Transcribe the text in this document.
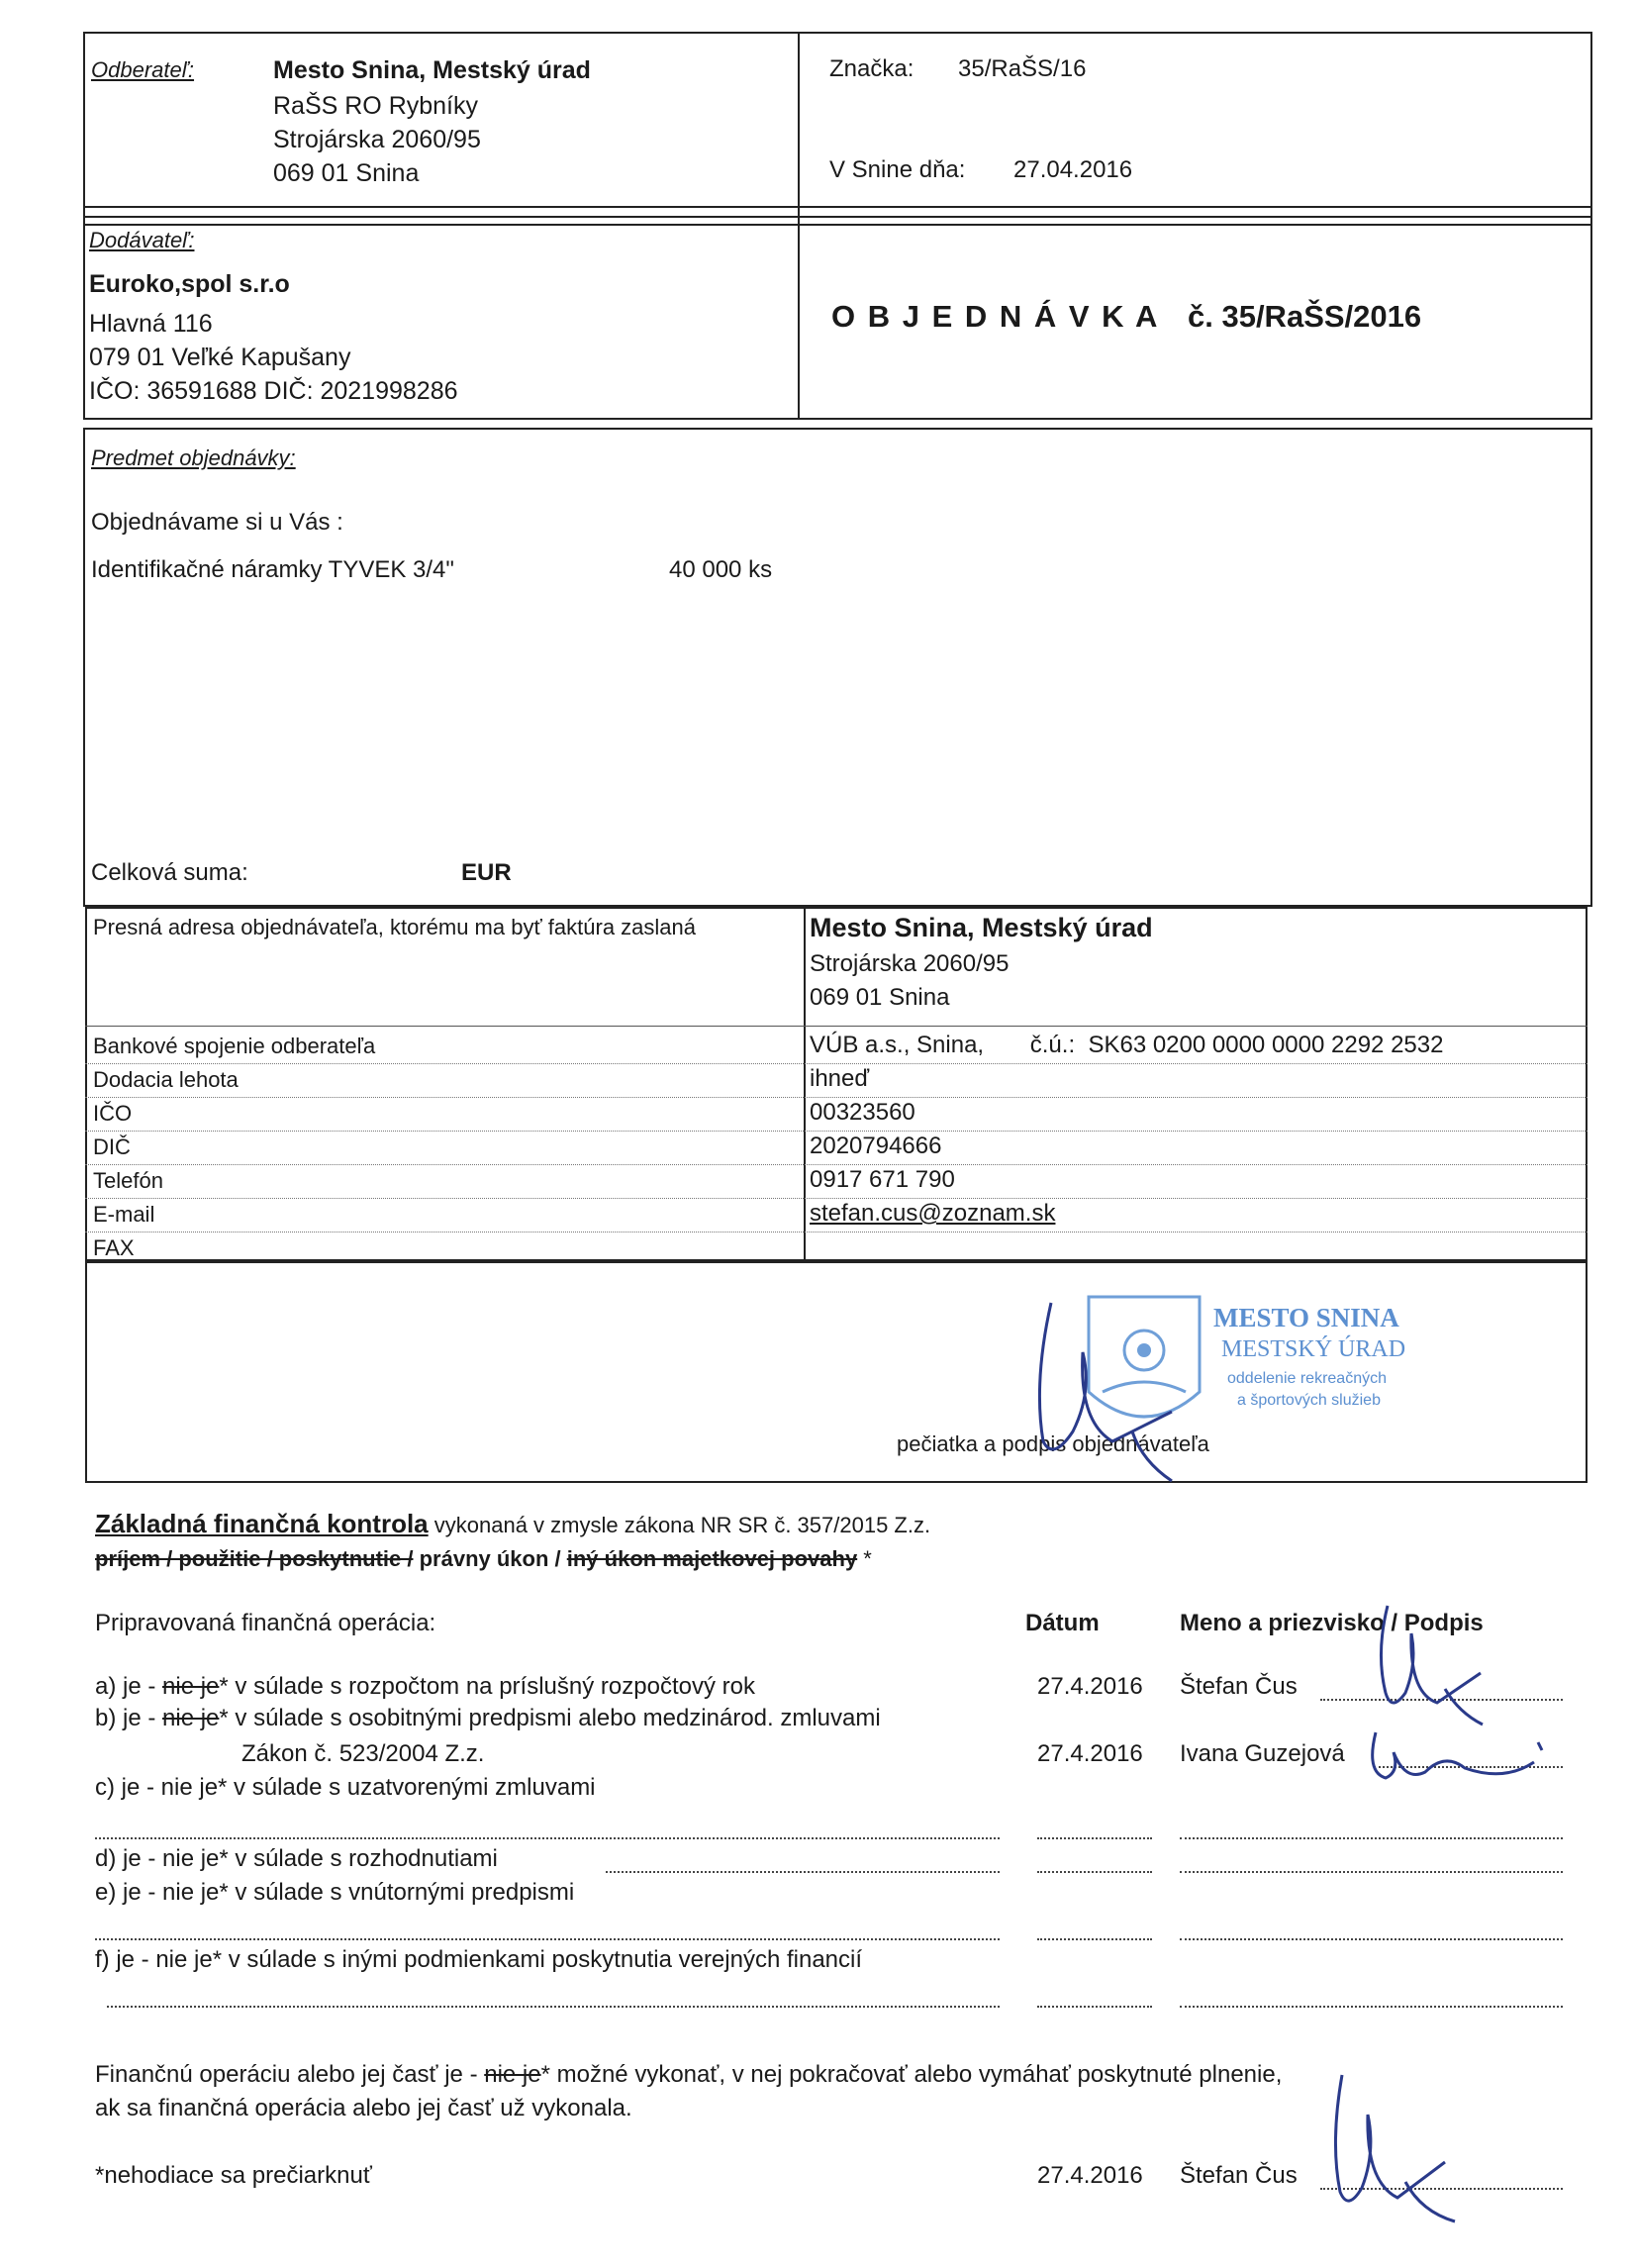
Odberateľ:	Mesto Snina, Mestský úrad
RaŠS RO Rybníky
Strojárska 2060/95
069 01 Snina
Značka: 35/RaŠS/16
V Snine dňa: 27.04.2016
Dodávateľ:
Euroko,spol s.r.o
Hlavná 116
079 01 Veľké Kapušany
IČO: 36591688 DIČ: 2021998286
O B J E D N Á V K A č. 35/RaŠS/2016
Predmet objednávky:
Objednávame si u Vás :
Identifikačné náramky TYVEK 3/4"	40 000 ks
Celková suma:	EUR
Presná adresa objednávateľa, ktorému ma byť faktúra zaslaná	Mesto Snina, Mestský úrad
Strojárska 2060/95
069 01 Snina
Bankové spojenie odberateľa	VÚB a.s., Snina,       č.ú.:  SK63 0200 0000 0000 2292 2532
Dodacia lehota	ihneď
IČO	00323560
DIČ	2020794666
Telefón	0917 671 790
E-mail	stefan.cus@zoznam.sk
FAX
MESTO SNINA
MESTSKÝ ÚRAD
oddelenie rekreačných
a športových služieb
pečiatka a podpis objednávateľa
Základná finančná kontrola vykonaná v zmysle zákona NR SR č. 357/2015 Z.z.
príjem / použitie / poskytnutie / právny úkon / iný úkon majetkovej povahy *
Pripravovaná finančná operácia:	Dátum	Meno a priezvisko / Podpis
a) je - nie je* v súlade s rozpočtom na príslušný rozpočtový rok	27.4.2016 Štefan Čus
b) je - nie je* v súlade s osobitnými predpismi alebo medzinárod. zmluvami
Zákon č. 523/2004 Z.z.	27.4.2016 Ivana Guzejová
c) je - nie je* v súlade s uzatvorenými zmluvami
d) je - nie je* v súlade s rozhodnutiami
e) je - nie je* v súlade s vnútornými predpismi
f) je - nie je* v súlade s inými podmienkami poskytnutia verejných financií
Finančnú operáciu alebo jej časť je - nie je* možné vykonať, v nej pokračovať alebo vymáhať poskytnuté plnenie,
ak sa finančná operácia alebo jej časť už vykonala.
*nehodiace sa prečiarknuť	27.4.2016 Štefan Čus
